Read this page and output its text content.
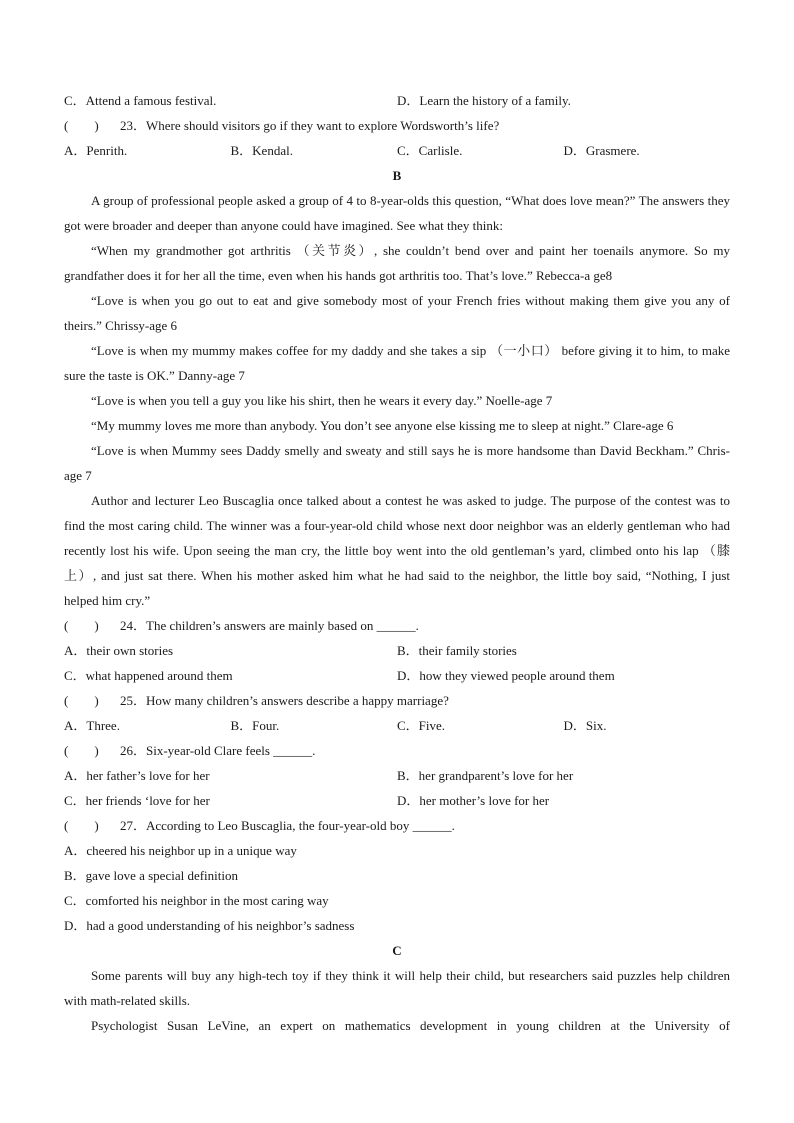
C．Attend a famous festival.	D．Learn the history of a family.
(　　) 23．Where should visitors go if they want to explore Wordsworth’s life?
A．Penrith.	B．Kendal.	C．Carlisle.	D．Grasmere.
B
A group of professional people asked a group of 4 to 8-year-olds this question, “What does love mean?” The answers they got were broader and deeper than anyone could have imagined. See what they think:
“When my grandmother got arthritis （关节炎）, she couldn’t bend over and paint her toenails anymore. So my grandfather does it for her all the time, even when his hands got arthritis too. That’s love.” Rebecca-a ge8
“Love is when you go out to eat and give somebody most of your French fries without making them give you any of theirs.” Chrissy-age 6
“Love is when my mummy makes coffee for my daddy and she takes a sip （一小口） before giving it to him, to make sure the taste is OK.” Danny-age 7
“Love is when you tell a guy you like his shirt, then he wears it every day.” Noelle-age 7
“My mummy loves me more than anybody. You don’t see anyone else kissing me to sleep at night.” Clare-age 6
“Love is when Mummy sees Daddy smelly and sweaty and still says he is more handsome than David Beckham.” Chris-age 7
Author and lecturer Leo Buscaglia once talked about a contest he was asked to judge. The purpose of the contest was to find the most caring child. The winner was a four-year-old child whose next door neighbor was an elderly gentleman who had recently lost his wife. Upon seeing the man cry, the little boy went into the old gentleman’s yard, climbed onto his lap （膝上）, and just sat there. When his mother asked him what he had said to the neighbor, the little boy said, “Nothing, I just helped him cry.”
(　　) 24．The children’s answers are mainly based on ______.
A．their own stories	B．their family stories
C．what happened around them	D．how they viewed people around them
(　　) 25．How many children’s answers describe a happy marriage?
A．Three.	B．Four.	C．Five.	D．Six.
(　　) 26．Six-year-old Clare feels ______.
A．her father’s love for her	B．her grandparent’s love for her
C．her friends ‘love for her	D．her mother’s love for her
(　　) 27．According to Leo Buscaglia, the four-year-old boy ______.
A．cheered his neighbor up in a unique way
B．gave love a special definition
C．comforted his neighbor in the most caring way
D．had a good understanding of his neighbor’s sadness
C
Some parents will buy any high-tech toy if they think it will help their child, but researchers said puzzles help children with math-related skills.
Psychologist Susan LeVine, an expert on mathematics development in young children at the University of
